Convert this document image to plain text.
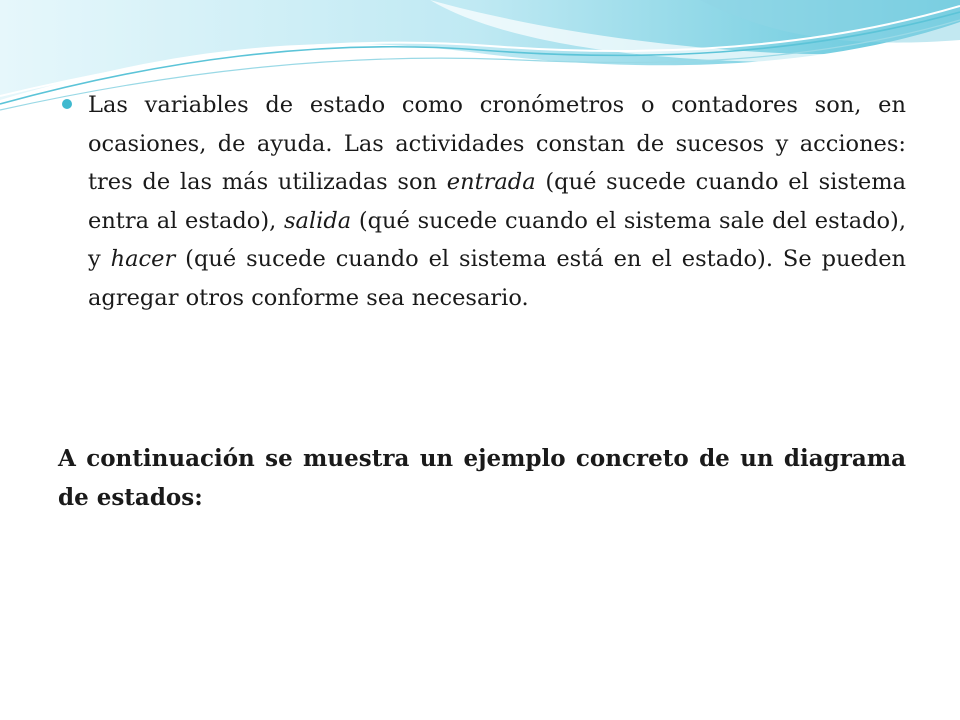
Las variables de estado como cronómetros o contadores son, en ocasiones, de ayuda. Las actividades constan de sucesos y acciones: tres de las más utilizadas son entrada (qué sucede cuando el sistema entra al estado), salida (qué sucede cuando el sistema sale del estado), y hacer (qué sucede cuando el sistema está en el estado). Se pueden agregar otros conforme sea necesario.
A continuación se muestra un ejemplo concreto de un diagrama de estados:
